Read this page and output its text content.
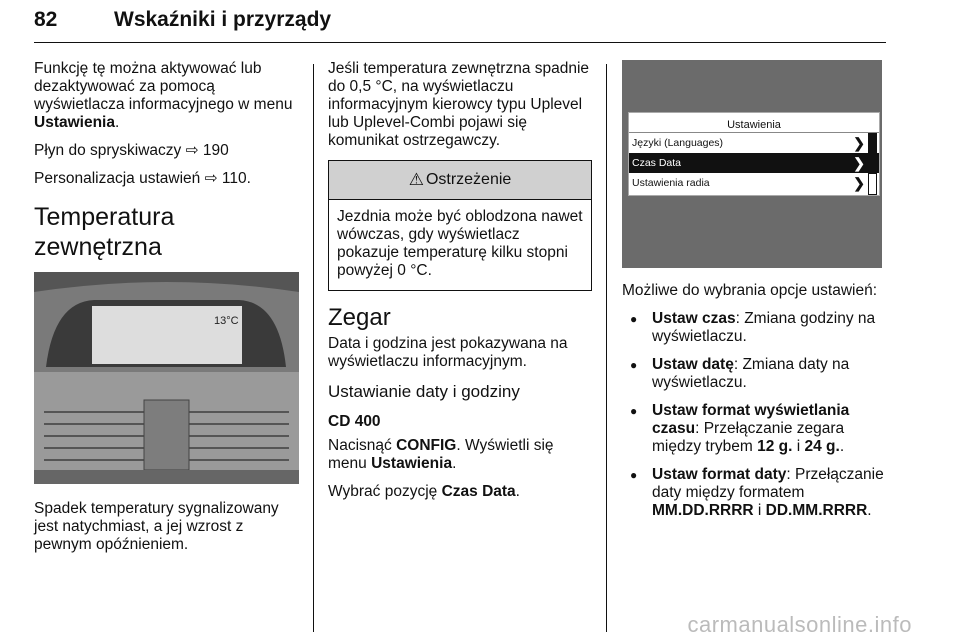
82	Wskaźniki i przyrządy

Funkcję tę można aktywować lub dezaktywować za pomocą wyświetlacza informacyjnego w menu Ustawienia.

Płyn do spryskiwaczy ⇨ 190

Personalizacja ustawień ⇨ 110.

Temperatura zewnętrzna
13°C

Spadek temperatury sygnalizowany jest natychmiast, a jej wzrost z pewnym opóźnieniem.

Jeśli temperatura zewnętrzna spadnie do 0,5 °C, na wyświetlaczu informacyjnym kierowcy typu Uplevel lub Uplevel-Combi pojawi się komunikat ostrzegawczy.

⚠ Ostrzeżenie
Jezdnia może być oblodzona nawet wówczas, gdy wyświetlacz pokazuje temperaturę kilku stopni powyżej 0 °C.
Zegar

Data i godzina jest pokazywana na wyświetlaczu informacyjnym.

Ustawianie daty i godziny
CD 400

Nacisnąć CONFIG. Wyświetli się menu Ustawienia.

Wybrać pozycję Czas Data.

Ustawienia
Języki (Languages)	❯
Czas Data	❯
Ustawienia radia	❯

Możliwe do wybrania opcje ustawień:

● Ustaw czas: Zmiana godziny na wyświetlaczu.
● Ustaw datę: Zmiana daty na wyświetlaczu.
● Ustaw format wyświetlania czasu: Przełączanie zegara między trybem 12 g. i 24 g..
● Ustaw format daty: Przełączanie daty między formatem MM.DD.RRRR i DD.MM.RRRR.
carmanualsonline.info
